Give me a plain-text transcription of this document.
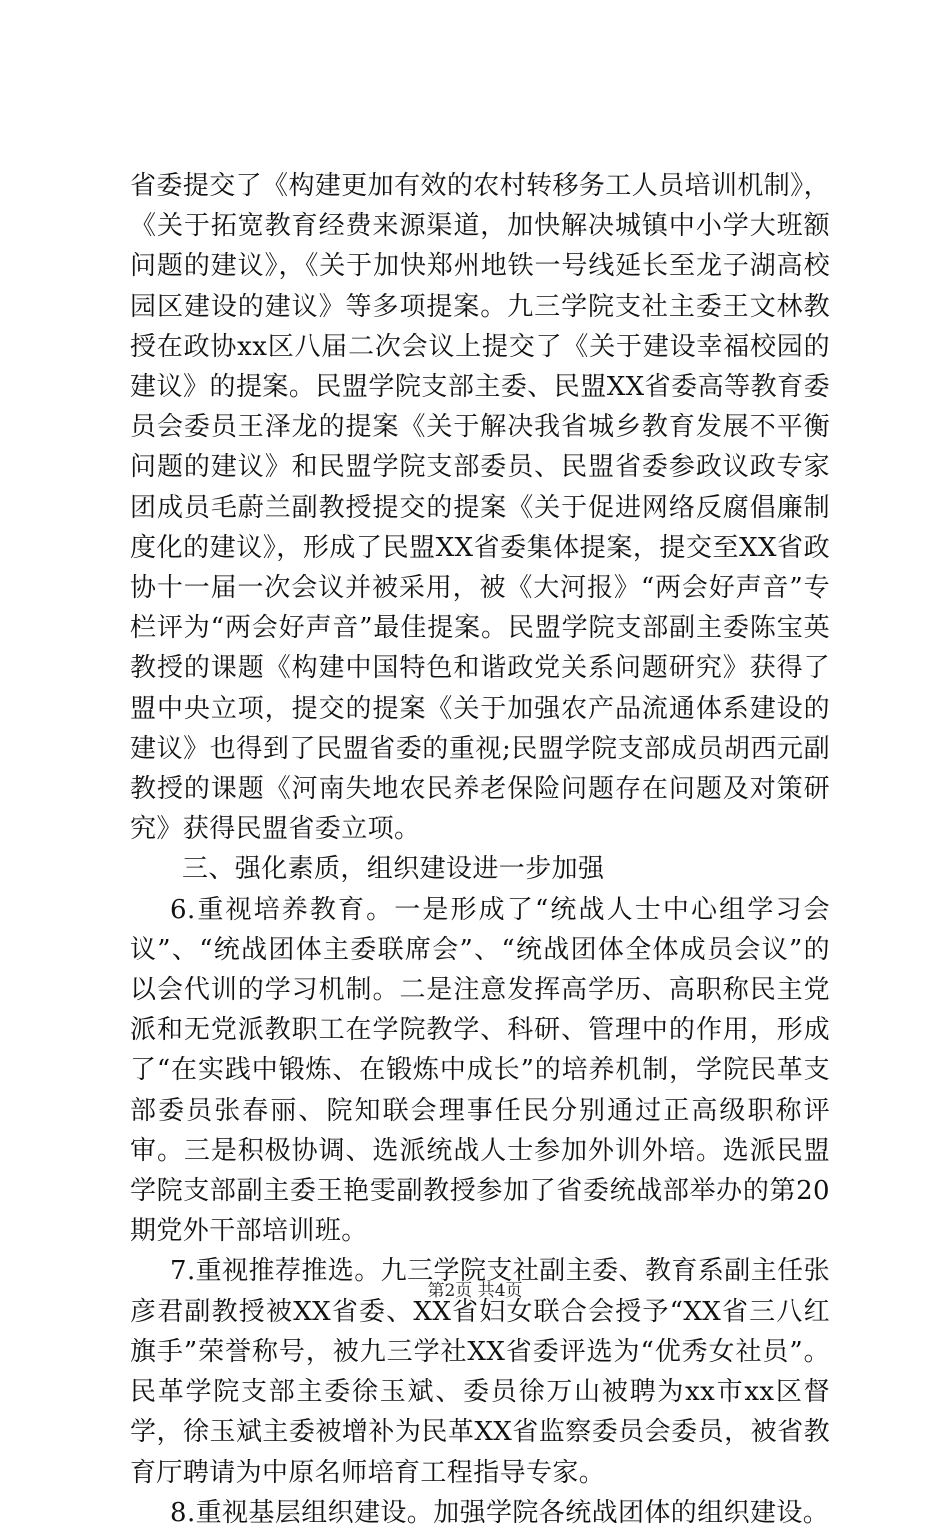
省委提交了《构建更加有效的农村转移务工人员培训机制》，《关于拓宽教育经费来源渠道，加快解决城镇中小学大班额问题的建议》，《关于加快郑州地铁一号线延长至龙子湖高校园区建设的建议》等多项提案。九三学院支社主委王文林教授在政协xx区八届二次会议上提交了《关于建设幸福校园的建议》的提案。民盟学院支部主委、民盟XX省委高等教育委员会委员王泽龙的提案《关于解决我省城乡教育发展不平衡问题的建议》和民盟学院支部委员、民盟省委参政议政专家团成员毛蔚兰副教授提交的提案《关于促进网络反腐倡廉制度化的建议》，形成了民盟XX省委集体提案，提交至XX省政协十一届一次会议并被采用，被《大河报》“两会好声音”专栏评为“两会好声音”最佳提案。民盟学院支部副主委陈宝英教授的课题《构建中国特色和谐政党关系问题研究》获得了盟中央立项，提交的提案《关于加强农产品流通体系建设的建议》也得到了民盟省委的重视;民盟学院支部成员胡西元副教授的课题《河南失地农民养老保险问题存在问题及对策研究》获得民盟省委立项。

三、强化素质，组织建设进一步加强

6.重视培养教育。一是形成了“统战人士中心组学习会议”、“统战团体主委联席会”、“统战团体全体成员会议”的以会代训的学习机制。二是注意发挥高学历、高职称民主党派和无党派教职工在学院教学、科研、管理中的作用，形成了“在实践中锻炼、在锻炼中成长”的培养机制，学院民革支部委员张春丽、院知联会理事任民分别通过正高级职称评审。三是积极协调、选派统战人士参加外训外培。选派民盟学院支部副主委王艳雯副教授参加了省委统战部举办的第20期党外干部培训班。

7.重视推荐推选。九三学院支社副主委、教育系副主任张彦君副教授被XX省委、XX省妇女联合会授予“XX省三八红旗手”荣誉称号，被九三学社XX省委评选为“优秀女社员”。民革学院支部主委徐玉斌、委员徐万山被聘为xx市xx区督学，徐玉斌主委被增补为民革XX省监察委员会委员，被省教育厅聘请为中原名师培育工程指导专家。

8.重视基层组织建设。加强学院各统战团体的组织建设。

第2页 共4页
